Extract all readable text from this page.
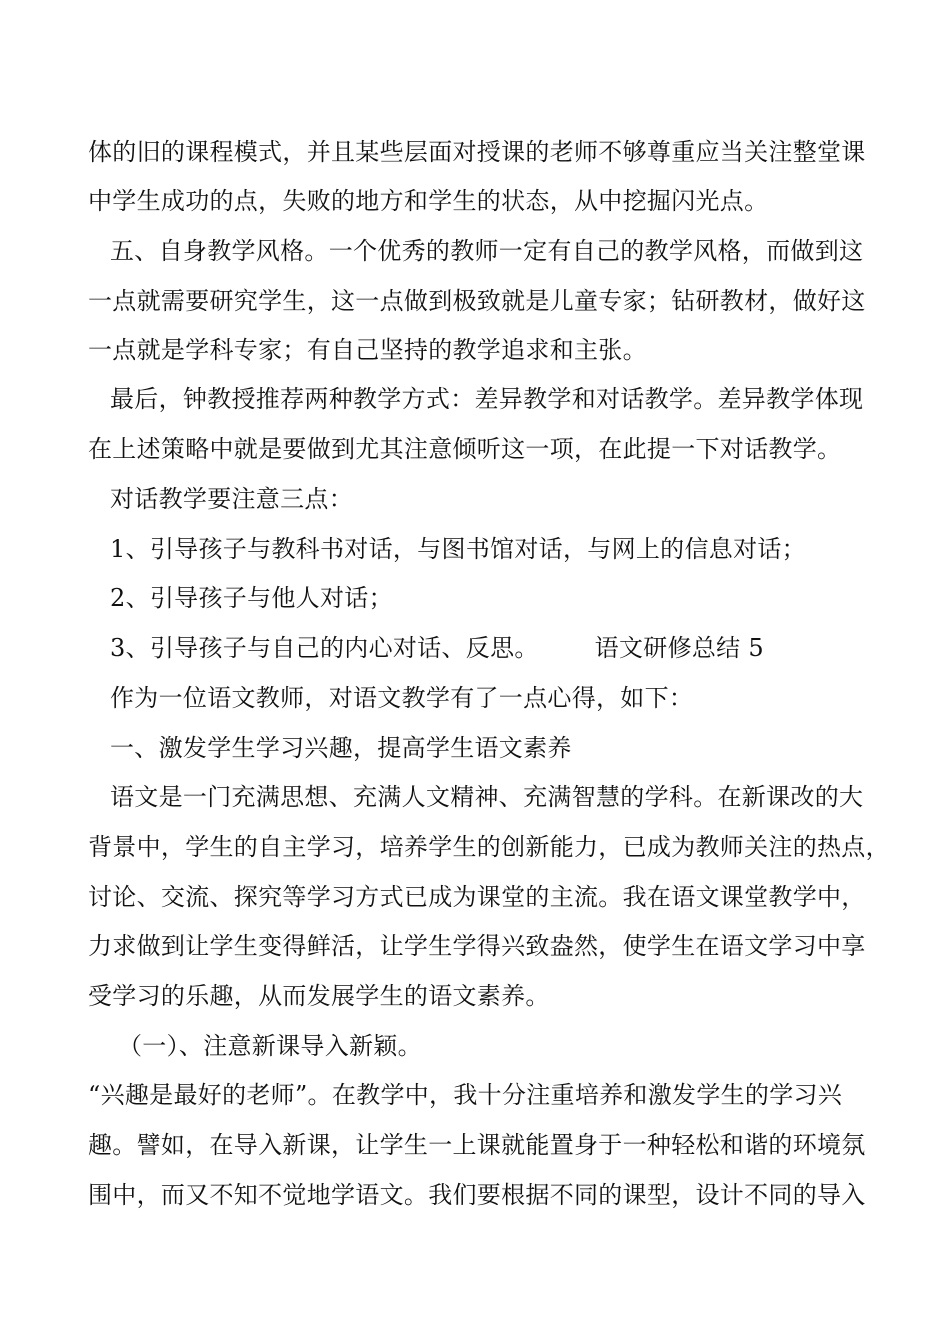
体的旧的课程模式，并且某些层面对授课的老师不够尊重应当关注整堂课
中学生成功的点，失败的地方和学生的状态，从中挖掘闪光点。
五、自身教学风格。一个优秀的教师一定有自己的教学风格，而做到这
一点就需要研究学生，这一点做到极致就是儿童专家；钻研教材，做好这
一点就是学科专家；有自己坚持的教学追求和主张。
最后，钟教授推荐两种教学方式：差异教学和对话教学。差异教学体现
在上述策略中就是要做到尤其注意倾听这一项，在此提一下对话教学。
对话教学要注意三点：
1、引导孩子与教科书对话，与图书馆对话，与网上的信息对话；
2、引导孩子与他人对话；
3、引导孩子与自己的内心对话、反思。 语文研修总结 5
作为一位语文教师，对语文教学有了一点心得，如下：
一、激发学生学习兴趣，提高学生语文素养
语文是一门充满思想、充满人文精神、充满智慧的学科。在新课改的大
背景中，学生的自主学习，培养学生的创新能力，已成为教师关注的热点，
讨论、交流、探究等学习方式已成为课堂的主流。我在语文课堂教学中，
力求做到让学生变得鲜活，让学生学得兴致盎然，使学生在语文学习中享
受学习的乐趣，从而发展学生的语文素养。
（一）、注意新课导入新颖。
“兴趣是最好的老师”。在教学中，我十分注重培养和激发学生的学习兴
趣。譬如，在导入新课，让学生一上课就能置身于一种轻松和谐的环境氛
围中，而又不知不觉地学语文。我们要根据不同的课型，设计不同的导入
